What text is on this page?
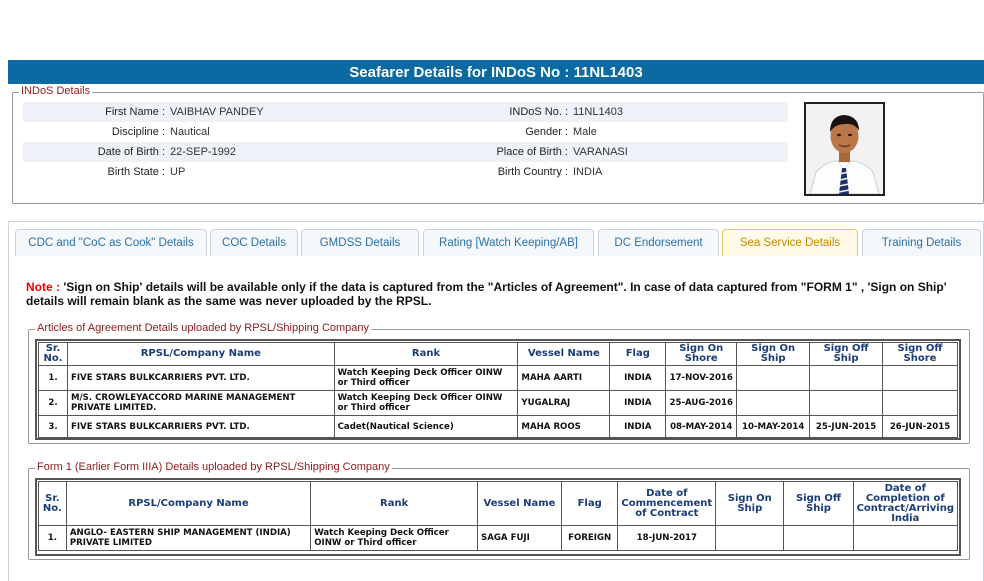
Seafarer Details for INDoS No : 11NL1403
INDoS Details
First Name : VAIBHAV PANDEY	INDoS No. : 11NL1403
Discipline : Nautical	Gender : Male
Date of Birth : 22-SEP-1992	Place of Birth : VARANASI
Birth State : UP	Birth Country : INDIA
CDC and "CoC as Cook" Details	COC Details	GMDSS Details	Rating [Watch Keeping/AB]	DC Endorsement	Sea Service Details	Training Details
Note : 'Sign on Ship' details will be available only if the data is captured from the "Articles of Agreement". In case of data captured from "FORM 1" , 'Sign on Ship' details will remain blank as the same was never uploaded by the RPSL.
Articles of Agreement Details uploaded by RPSL/Shipping Company
Sr. No.	RPSL/Company Name	Rank	Vessel Name	Flag	Sign On Shore	Sign On Ship	Sign Off Ship	Sign Off Shore
1.	FIVE STARS BULKCARRIERS PVT. LTD.	Watch Keeping Deck Officer OINW or Third officer	MAHA AARTI	INDIA	17-NOV-2016			
2.	M/S. CROWLEYACCORD MARINE MANAGEMENT PRIVATE LIMITED.	Watch Keeping Deck Officer OINW or Third officer	YUGALRAJ	INDIA	25-AUG-2016			
3.	FIVE STARS BULKCARRIERS PVT. LTD.	Cadet(Nautical Science)	MAHA ROOS	INDIA	08-MAY-2014	10-MAY-2014	25-JUN-2015	26-JUN-2015
Form 1 (Earlier Form IIIA) Details uploaded by RPSL/Shipping Company
Sr. No.	RPSL/Company Name	Rank	Vessel Name	Flag	Date of Commencement of Contract	Sign On Ship	Sign Off Ship	Date of Completion of Contract/Arriving India
1.	ANGLO- EASTERN SHIP MANAGEMENT (INDIA) PRIVATE LIMITED	Watch Keeping Deck Officer OINW or Third officer	SAGA FUJI	FOREIGN	18-JUN-2017			
